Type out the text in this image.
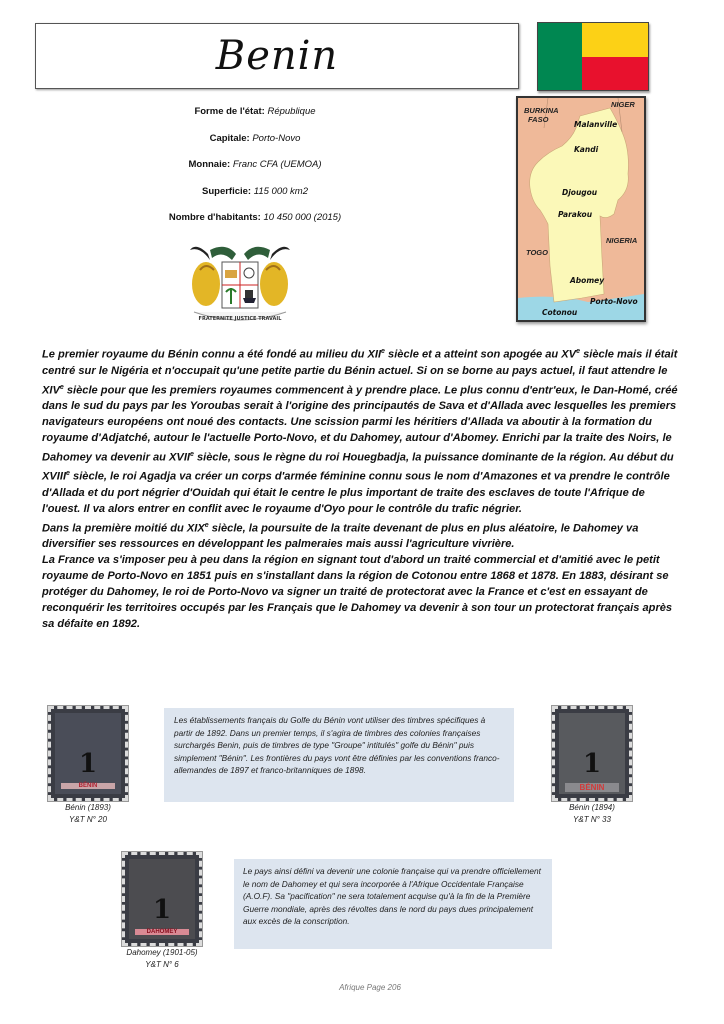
Benin
Forme de l'état: République
Capitale: Porto-Novo
Monnaie: Franc CFA (UEMOA)
Superficie: 115 000 km2
Nombre d'habitants: 10 450 000 (2015)
FRATERNITE JUSTICE TRAVAIL
BURKINA
FASO
NIGER
TOGO
NIGERIA
Malanville
Kandi
Djougou
Parakou
Abomey
Porto-Novo
Cotonou

Le premier royaume du Bénin connu a été fondé au milieu du XIIe siècle et a atteint son apogée au XVe siècle mais il était centré sur le Nigéria et n'occupait qu'une petite partie du Bénin actuel. Si on se borne au pays actuel, il faut attendre le XIVe siècle pour que les premiers royaumes commencent à y prendre place. Le plus connu d'entr'eux, le Dan-Homé, créé dans le sud du pays par les Yoroubas serait à l'origine des principautés de Sava et d'Allada avec lesquelles les premiers navigateurs européens ont noué des contacts. Une scission parmi les héritiers d'Allada va aboutir à la formation du royaume d'Adjatché, autour le l'actuelle Porto-Novo, et du Dahomey, autour d'Abomey. Enrichi par la traite des Noirs, le Dahomey va devenir au XVIIe siècle, sous le règne du roi Houegbadja, la puissance dominante de la région. Au début du XVIIIe siècle, le roi Agadja va créer un corps d'armée féminine connu sous le nom d'Amazones et va prendre le contrôle d'Allada et du port négrier d'Ouidah qui était le centre le plus important de traite des esclaves de toute l'Afrique de l'ouest. Il va alors entrer en conflit avec le royaume d'Oyo pour le contrôle du trafic négrier.

Dans la première moitié du XIXe siècle, la poursuite de la traite devenant de plus en plus aléatoire, le Dahomey va diversifier ses ressources en développant les palmeraies mais aussi l'agriculture vivrière.

La France va s'imposer peu à peu dans la région en signant tout d'abord un traité commercial et d'amitié avec le petit royaume de Porto-Novo en 1851 puis en s'installant dans la région de Cotonou entre 1868 et 1878. En 1883, désirant se protéger du Dahomey, le roi de Porto-Novo va signer un traité de protectorat avec la France et c'est en essayant de reconquérir les territoires occupés par les Français que le Dahomey va devenir à son tour un protectorat français après sa défaite en 1892.

1
BÉNIN
Bénin (1893)
Y&T N° 20
Les établissements français du Golfe du Bénin vont utiliser des timbres spécifiques à partir de 1892. Dans un premier temps, il s'agira de timbres des colonies françaises surchargés Benin, puis de timbres de type "Groupe" intitulés" golfe du Bénin" puis simplement "Bénin". Les frontières du pays vont être définies par les conventions franco-allemandes de 1897 et franco-britanniques de 1898.	1
BÉNIN
Bénin (1894)
Y&T N° 33
1
DAHOMEY
Dahomey (1901-05)
Y&T N° 6
Le pays ainsi défini va devenir une colonie française qui va prendre officiellement le nom de Dahomey et qui sera incorporée à l'Afrique Occidentale Française (A.O.F). Sa "pacification" ne sera totalement acquise qu'à la fin de la Première Guerre mondiale, après des révoltes dans le nord du pays dues principalement aux excès de la conscription.
Afrique Page 206
